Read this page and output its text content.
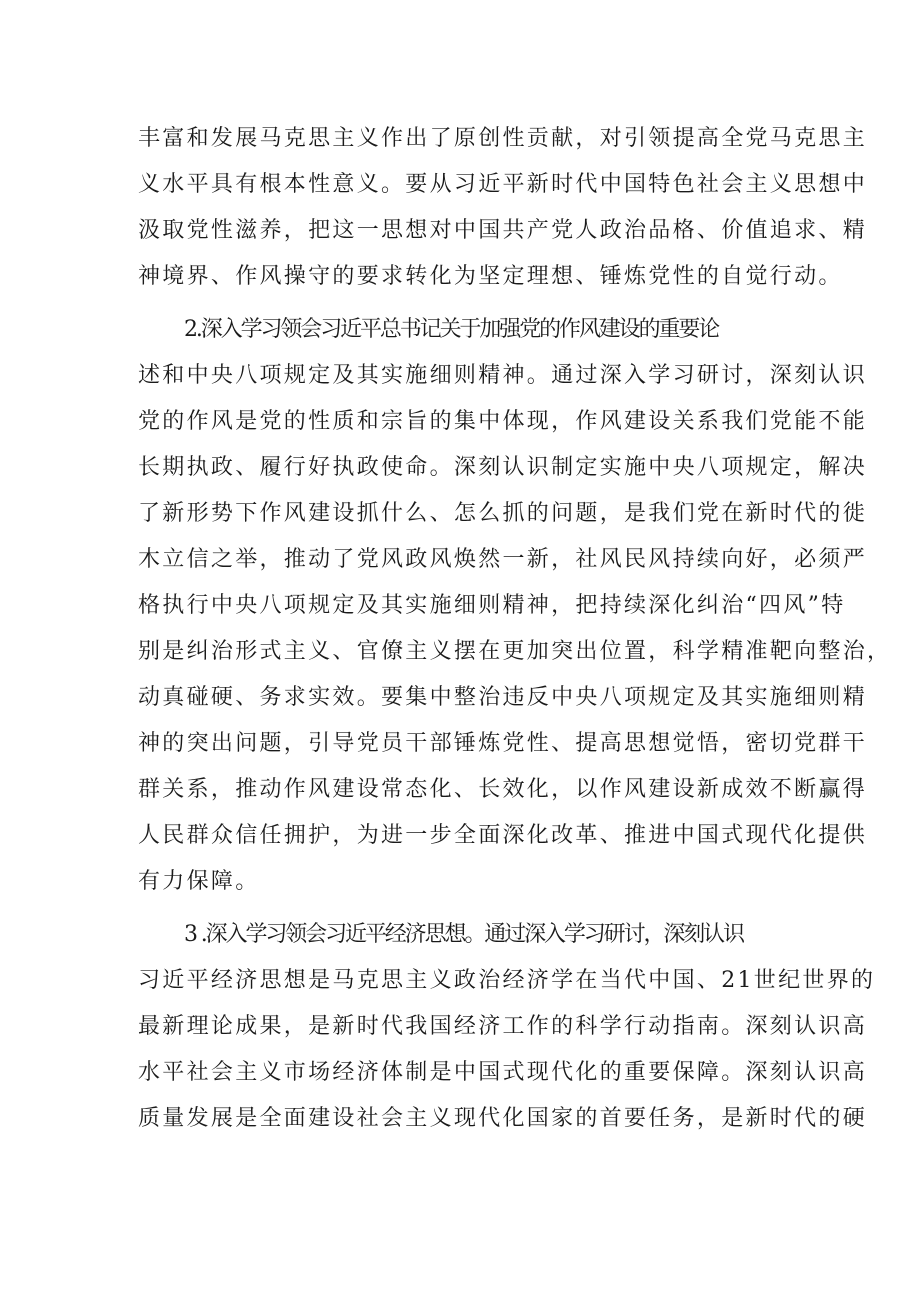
丰富和发展马克思主义作出了原创性贡献，对引领提高全党马克思主
义水平具有根本性意义。要从习近平新时代中国特色社会主义思想中
汲取党性滋养，把这一思想对中国共产党人政治品格、价值追求、精
神境界、作风操守的要求转化为坚定理想、锤炼党性的自觉行动。
2.深入学习领会习近平总书记关于加强党的作风建设的重要论
述和中央八项规定及其实施细则精神。通过深入学习研讨，深刻认识
党的作风是党的性质和宗旨的集中体现，作风建设关系我们党能不能
长期执政、履行好执政使命。深刻认识制定实施中央八项规定，解决
了新形势下作风建设抓什么、怎么抓的问题，是我们党在新时代的徙
木立信之举，推动了党风政风焕然一新，社风民风持续向好，必须严
格执行中央八项规定及其实施细则精神，把持续深化纠治“四风”特
别是纠治形式主义、官僚主义摆在更加突出位置，科学精准靶向整治，
动真碰硬、务求实效。要集中整治违反中央八项规定及其实施细则精
神的突出问题，引导党员干部锤炼党性、提高思想觉悟，密切党群干
群关系，推动作风建设常态化、长效化，以作风建设新成效不断赢得
人民群众信任拥护，为进一步全面深化改革、推进中国式现代化提供
有力保障。
3 .深入学习领会习近平经济思想。通过深入学习研讨，深刻认识
习近平经济思想是马克思主义政治经济学在当代中国、21世纪世界的
最新理论成果，是新时代我国经济工作的科学行动指南。深刻认识高
水平社会主义市场经济体制是中国式现代化的重要保障。深刻认识高
质量发展是全面建设社会主义现代化国家的首要任务，是新时代的硬
